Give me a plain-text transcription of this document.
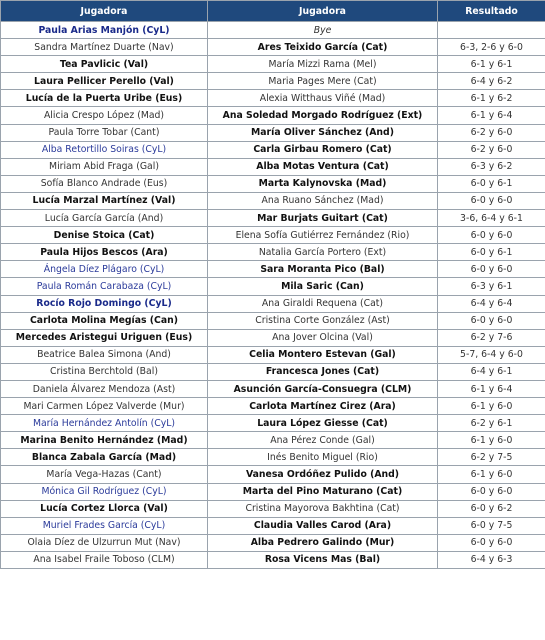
Jugadora	Jugadora	Resultado
Paula Arias Manjón (CyL)	Bye	
Sandra Martínez Duarte (Nav)	Ares Teixido García (Cat)	6-3, 2-6 y 6-0
Tea Pavlicic (Val)	María Mizzi Rama (Mel)	6-1 y 6-1
Laura Pellicer Perello (Val)	Maria Pages Mere (Cat)	6-4 y 6-2
Lucía de la Puerta Uribe (Eus)	Alexia Witthaus Viñé (Mad)	6-1 y 6-2
Alicia Crespo López (Mad)	Ana Soledad Morgado Rodríguez (Ext)	6-1 y 6-4
Paula Torre Tobar (Cant)	María Oliver Sánchez (And)	6-2 y 6-0
Alba Retortillo Soiras (CyL)	Carla Girbau Romero (Cat)	6-2 y 6-0
Miriam Abid Fraga (Gal)	Alba Motas Ventura (Cat)	6-3 y 6-2
Sofía Blanco Andrade (Eus)	Marta Kalynovska (Mad)	6-0 y 6-1
Lucía Marzal Martínez (Val)	Ana Ruano Sánchez (Mad)	6-0 y 6-0
Lucía García García (And)	Mar Burjats Guitart (Cat)	3-6, 6-4 y 6-1
Denise Stoica (Cat)	Elena Sofía Gutiérrez Fernández (Rio)	6-0 y 6-0
Paula Hijos Bescos (Ara)	Natalia García Portero (Ext)	6-0 y 6-1
Ángela Díez Plágaro (CyL)	Sara Moranta Pico (Bal)	6-0 y 6-0
Paula Román Carabaza (CyL)	Mila Saric (Can)	6-3 y 6-1
Rocío Rojo Domingo (CyL)	Ana Giraldi Requena (Cat)	6-4 y 6-4
Carlota Molina Megías (Can)	Cristina Corte González (Ast)	6-0 y 6-0
Mercedes Aristegui Uriguen (Eus)	Ana Jover Olcina (Val)	6-2 y 7-6
Beatrice Balea Simona (And)	Celia Montero Estevan (Gal)	5-7, 6-4 y 6-0
Cristina Berchtold (Bal)	Francesca Jones (Cat)	6-4 y 6-1
Daniela Álvarez Mendoza (Ast)	Asunción García-Consuegra (CLM)	6-1 y 6-4
Mari Carmen López Valverde (Mur)	Carlota Martínez Cirez (Ara)	6-1 y 6-0
María Hernández Antolín (CyL)	Laura López Giesse (Cat)	6-2 y 6-1
Marina Benito Hernández (Mad)	Ana Pérez Conde (Gal)	6-1 y 6-0
Blanca Zabala García (Mad)	Inés Benito Miguel (Rio)	6-2 y 7-5
María Vega-Hazas (Cant)	Vanesa Ordóñez Pulido (And)	6-1 y 6-0
Mónica Gil Rodríguez (CyL)	Marta del Pino Maturano (Cat)	6-0 y 6-0
Lucía Cortez Llorca (Val)	Cristina Mayorova Bakhtina (Cat)	6-0 y 6-2
Muriel Frades García (CyL)	Claudia Valles Carod (Ara)	6-0 y 7-5
Olaia Díez de Ulzurrun Mut (Nav)	Alba Pedrero Galindo (Mur)	6-0 y 6-0
Ana Isabel Fraile Toboso (CLM)	Rosa Vicens Mas (Bal)	6-4 y 6-3
